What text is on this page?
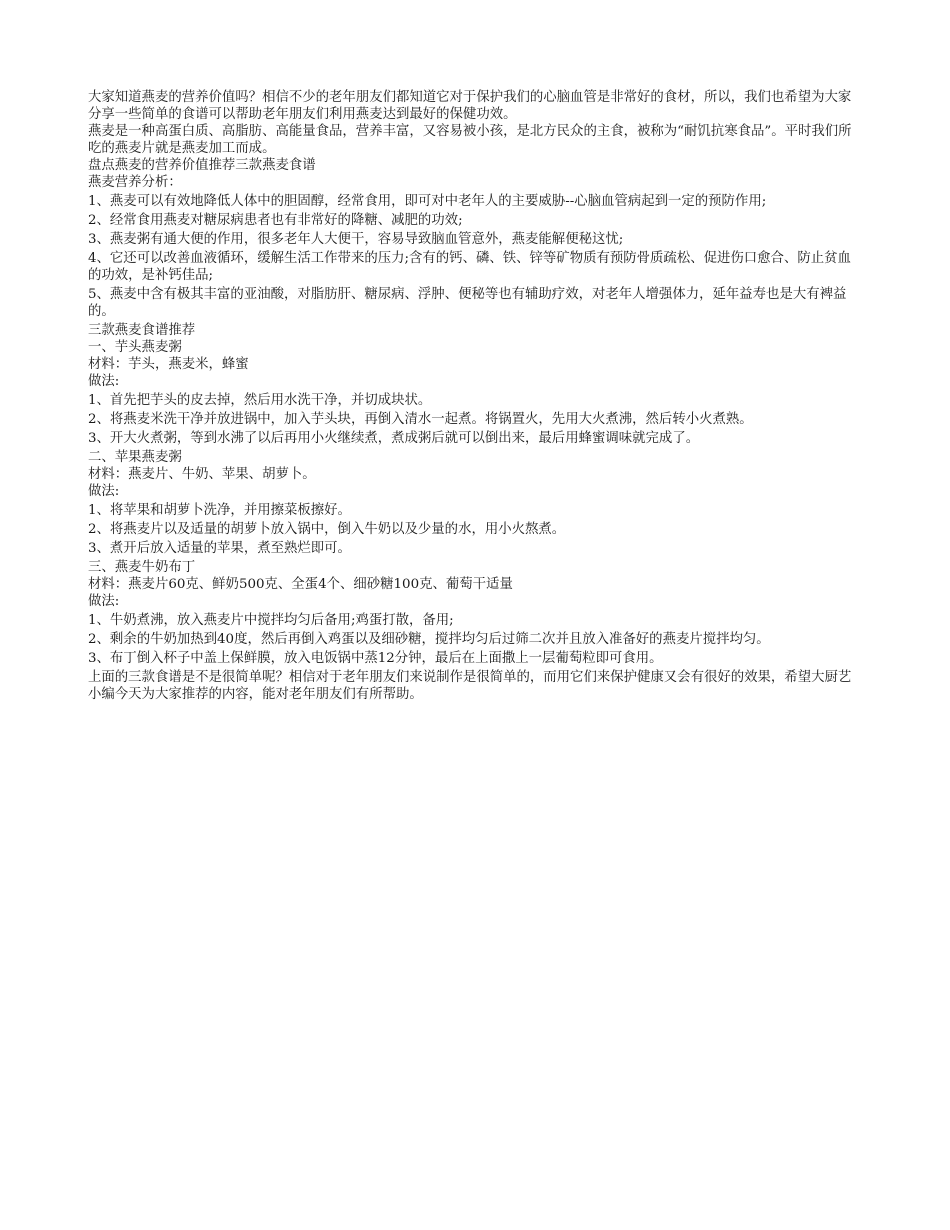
大家知道燕麦的营养价值吗？相信不少的老年朋友们都知道它对于保护我们的心脑血管是非常好的食材，所以，我们也希望为大家分享一些简单的食谱可以帮助老年朋友们利用燕麦达到最好的保健功效。

燕麦是一种高蛋白质、高脂肪、高能量食品，营养丰富，又容易被小孩，是北方民众的主食，被称为“耐饥抗寒食品”。平时我们所吃的燕麦片就是燕麦加工而成。

盘点燕麦的营养价值推荐三款燕麦食谱

燕麦营养分析：

1、燕麦可以有效地降低人体中的胆固醇，经常食用，即可对中老年人的主要威胁--心脑血管病起到一定的预防作用;

2、经常食用燕麦对糖尿病患者也有非常好的降糖、减肥的功效;

3、燕麦粥有通大便的作用，很多老年人大便干，容易导致脑血管意外，燕麦能解便秘这忧;

4、它还可以改善血液循环，缓解生活工作带来的压力;含有的钙、磷、铁、锌等矿物质有预防骨质疏松、促进伤口愈合、防止贫血的功效，是补钙佳品;

5、燕麦中含有极其丰富的亚油酸，对脂肪肝、糖尿病、浮肿、便秘等也有辅助疗效，对老年人增强体力，延年益寿也是大有裨益的。

三款燕麦食谱推荐

一、芋头燕麦粥

材料：芋头，燕麦米，蜂蜜

做法:

1、首先把芋头的皮去掉，然后用水洗干净，并切成块状。

2、将燕麦米洗干净并放进锅中，加入芋头块，再倒入清水一起煮。将锅置火，先用大火煮沸，然后转小火煮熟。

3、开大火煮粥，等到水沸了以后再用小火继续煮，煮成粥后就可以倒出来，最后用蜂蜜调味就完成了。

二、苹果燕麦粥

材料：燕麦片、牛奶、苹果、胡萝卜。

做法:

1、将苹果和胡萝卜洗净，并用擦菜板擦好。

2、将燕麦片以及适量的胡萝卜放入锅中，倒入牛奶以及少量的水，用小火熬煮。

3、煮开后放入适量的苹果，煮至熟烂即可。

三、燕麦牛奶布丁

材料：燕麦片60克、鲜奶500克、全蛋4个、细砂糖100克、葡萄干适量

做法:

1、牛奶煮沸，放入燕麦片中搅拌均匀后备用;鸡蛋打散，备用;

2、剩余的牛奶加热到40度，然后再倒入鸡蛋以及细砂糖，搅拌均匀后过筛二次并且放入准备好的燕麦片搅拌均匀。

3、布丁倒入杯子中盖上保鲜膜，放入电饭锅中蒸12分钟，最后在上面撒上一层葡萄粒即可食用。

上面的三款食谱是不是很简单呢？相信对于老年朋友们来说制作是很简单的，而用它们来保护健康又会有很好的效果，希望大厨艺小编今天为大家推荐的内容，能对老年朋友们有所帮助。
